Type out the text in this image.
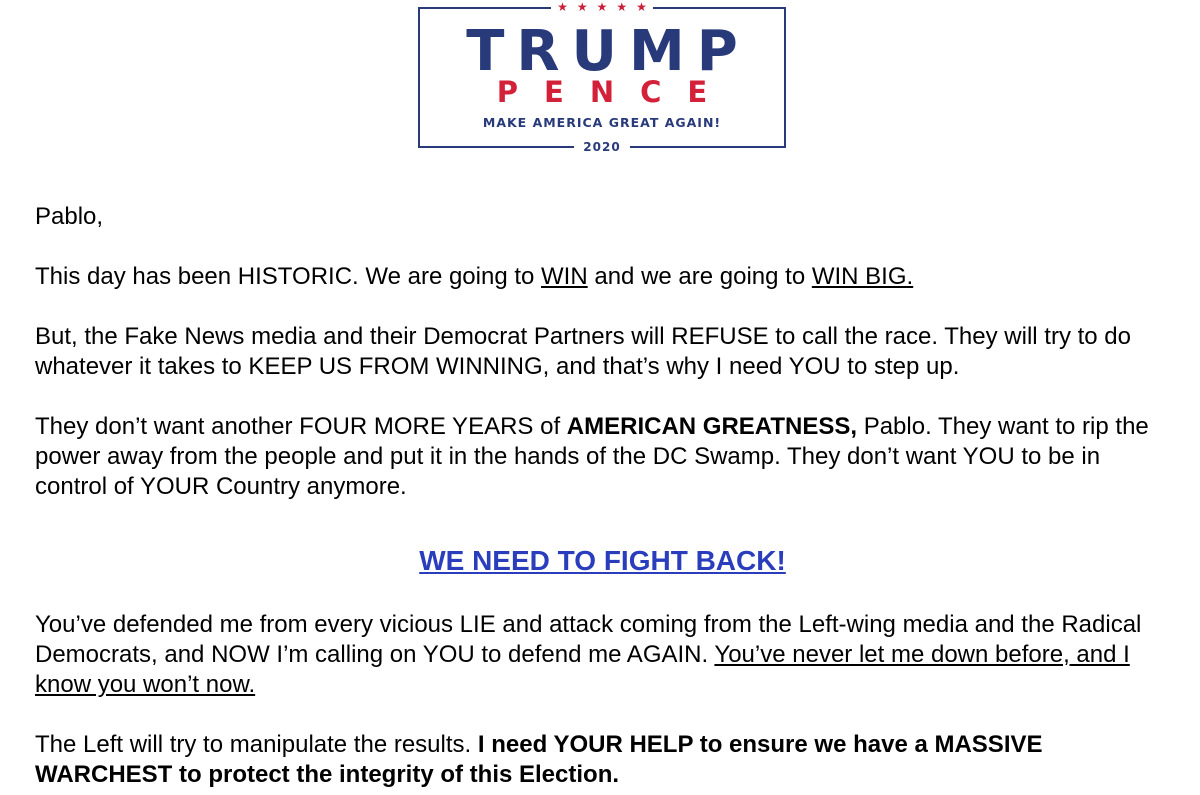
★★★★★
TRUMP
PENCE
MAKE AMERICA GREAT AGAIN!
2020

Pablo,

This day has been HISTORIC. We are going to WIN and we are going to WIN BIG.

But, the Fake News media and their Democrat Partners will REFUSE to call the race. They will try to do whatever it takes to KEEP US FROM WINNING, and that’s why I need YOU to step up.

They don’t want another FOUR MORE YEARS of AMERICAN GREATNESS, Pablo. They want to rip the power away from the people and put it in the hands of the DC Swamp. They don’t want YOU to be in control of YOUR Country anymore.

WE NEED TO FIGHT BACK!

You’ve defended me from every vicious LIE and attack coming from the Left-wing media and the Radical Democrats, and NOW I’m calling on YOU to defend me AGAIN. You’ve never let me down before, and I know you won’t now.

The Left will try to manipulate the results. I need YOUR HELP to ensure we have a MASSIVE WARCHEST to protect the integrity of this Election.
